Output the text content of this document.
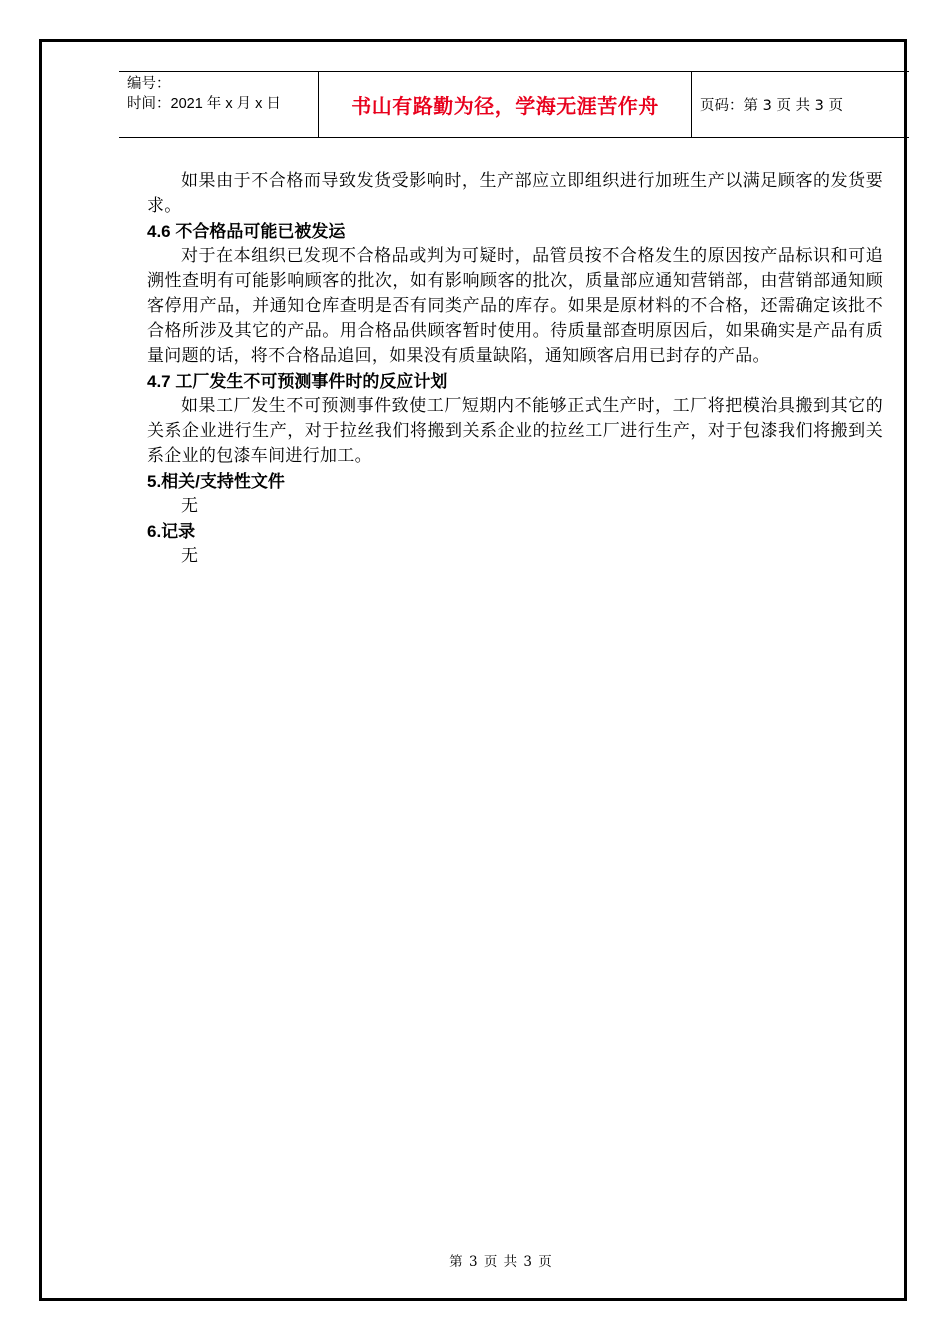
编号：
时间：2021 年 x 月 x 日	书山有路勤为径，学海无涯苦作舟	页码：第 3 页 共 3 页

如果由于不合格而导致发货受影响时，生产部应立即组织进行加班生产以满足顾客的发货要求。

4.6 不合格品可能已被发运

对于在本组织已发现不合格品或判为可疑时，品管员按不合格发生的原因按产品标识和可追溯性查明有可能影响顾客的批次，如有影响顾客的批次，质量部应通知营销部，由营销部通知顾客停用产品，并通知仓库查明是否有同类产品的库存。如果是原材料的不合格，还需确定该批不合格所涉及其它的产品。用合格品供顾客暂时使用。待质量部查明原因后，如果确实是产品有质量问题的话，将不合格品追回，如果没有质量缺陷，通知顾客启用已封存的产品。

4.7 工厂发生不可预测事件时的反应计划

如果工厂发生不可预测事件致使工厂短期内不能够正式生产时，工厂将把模治具搬到其它的关系企业进行生产，对于拉丝我们将搬到关系企业的拉丝工厂进行生产，对于包漆我们将搬到关系企业的包漆车间进行加工。

5.相关/支持性文件

无

6.记录

无

第 3 页 共 3 页
